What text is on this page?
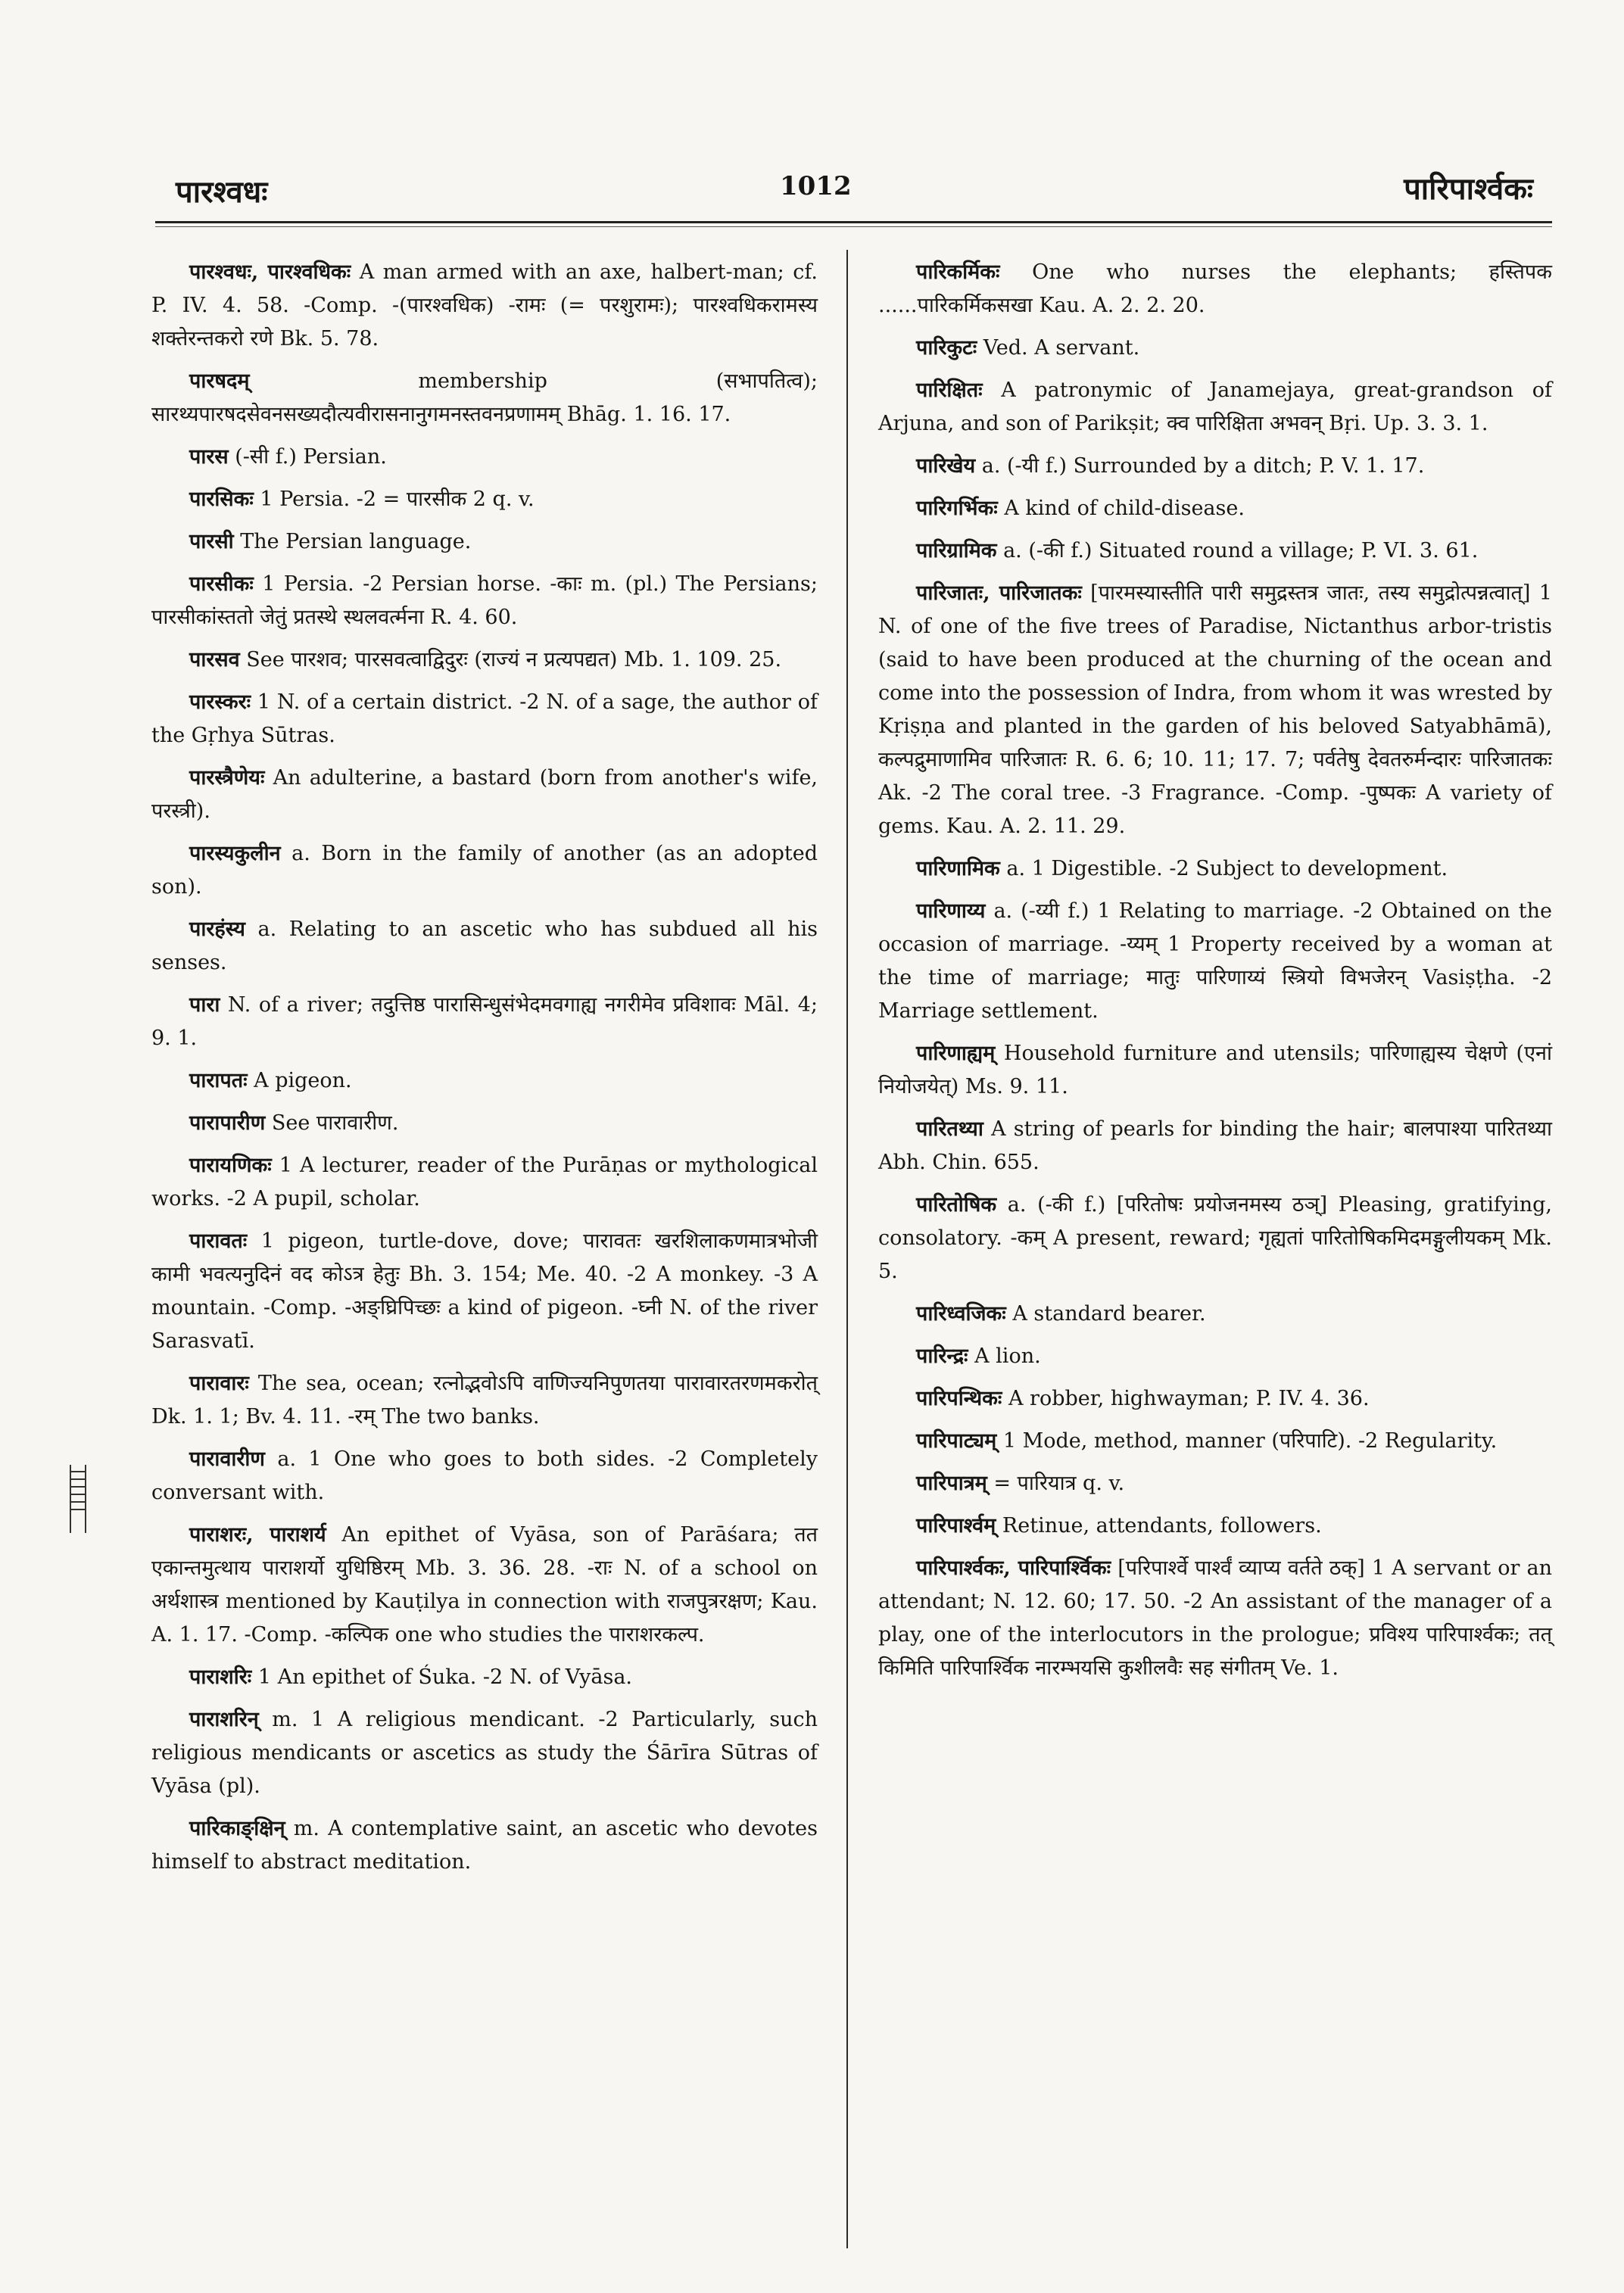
पारश्वधः	1012	पारिपार्श्वकः

पारश्वधः, पारश्वधिकः A man armed with an axe, halbert-man; cf. P. IV. 4. 58. -Comp. -(पारश्वधिक) -रामः (= परशुरामः); पारश्वधिकरामस्य शक्तेरन्तकरो रणे Bk. 5. 78.

पारषदम्	membership (सभापतित्व); सारथ्यपारषदसेवनसख्यदौत्यवीरासनानुगमनस्तवनप्रणामम् Bhāg. 1. 16. 17.

पारस (-सी f.) Persian.

पारसिकः 1 Persia. -2 = पारसीक 2 q. v.

पारसी The Persian language.

पारसीकः 1 Persia. -2 Persian horse. -काः m. (pl.) The Persians; पारसीकांस्ततो जेतुं प्रतस्थे स्थलवर्त्मना R. 4. 60.

पारसव See पारशव; पारसवत्वाद्विदुरः (राज्यं न प्रत्यपद्यत) Mb. 1. 109. 25.

पारस्करः 1 N. of a certain district. -2 N. of a sage, the author of the Gṛhya Sūtras.

पारस्त्रैणेयः An adulterine, a bastard (born from another's wife, परस्त्री).

पारस्यकुलीन a. Born in the family of another (as an adopted son).

पारहंस्य a. Relating to an ascetic who has subdued all his senses.

पारा N. of a river; तदुत्तिष्ठ पारासिन्धुसंभेदमवगाह्य नगरीमेव प्रविशावः Māl. 4; 9. 1.

पारापतः A pigeon.

पारापारीण See पारावारीण.

पारायणिकः 1 A lecturer, reader of the Purāṇas or mythological works. -2 A pupil, scholar.

पारावतः 1 pigeon, turtle-dove, dove; पारावतः खरशिलाकणमात्रभोजी कामी भवत्यनुदिनं वद कोऽत्र हेतुः Bh. 3. 154; Me. 40. -2 A monkey. -3 A mountain. -Comp. -अङ्घ्रिपिच्छः a kind of pigeon. -घ्नी N. of the river Sarasvatī.

पारावारः The sea, ocean; रत्नोद्भवोऽपि वाणिज्यनिपुणतया पारावारतरणमकरोत् Dk. 1. 1; Bv. 4. 11. -रम् The two banks.

पारावारीण a. 1 One who goes to both sides. -2 Completely conversant with.

पाराशरः, पाराशर्य An epithet of Vyāsa, son of Parāśara; तत एकान्तमुत्थाय पाराशर्यो युधिष्ठिरम् Mb. 3. 36. 28. -राः N. of a school on अर्थशास्त्र mentioned by Kauṭilya in connection with राजपुत्ररक्षण; Kau. A. 1. 17. -Comp. -कल्पिक one who studies the पाराशरकल्प.

पाराशरिः 1 An epithet of Śuka. -2 N. of Vyāsa.

पाराशरिन् m. 1 A religious mendicant. -2 Particularly, such religious mendicants or ascetics as study the Śārīra Sūtras of Vyāsa (pl).

पारिकाङ्क्षिन् m. A contemplative saint, an ascetic who devotes himself to abstract meditation.

पारिकर्मिकः One who nurses the elephants; हस्तिपक ......पारिकर्मिकसखा Kau. A. 2. 2. 20.

पारिकुटः Ved. A servant.

पारिक्षितः A patronymic of Janamejaya, great-grandson of Arjuna, and son of Parikṣit; क्व पारिक्षिता अभवन् Bṛi. Up. 3. 3. 1.

पारिखेय a. (-यी f.) Surrounded by a ditch; P. V. 1. 17.

पारिगर्भिकः A kind of child-disease.

पारिग्रामिक a. (-की f.) Situated round a village; P. VI. 3. 61.

पारिजातः, पारिजातकः [पारमस्यास्तीति पारी समुद्रस्तत्र जातः, तस्य समुद्रोत्पन्नत्वात्] 1 N. of one of the five trees of Paradise, Nictanthus arbor-tristis (said to have been produced at the churning of the ocean and come into the possession of Indra, from whom it was wrested by Kṛiṣṇa and planted in the garden of his beloved Satyabhāmā), कल्पद्रुमाणामिव पारिजातः R. 6. 6; 10. 11; 17. 7; पर्वतेषु देवतरुर्मन्दारः पारिजातकः Ak. -2 The coral tree. -3 Fragrance. -Comp. -पुष्पकः A variety of gems. Kau. A. 2. 11. 29.

पारिणामिक a. 1 Digestible. -2 Subject to development.

पारिणाय्य a. (-य्यी f.) 1 Relating to marriage. -2 Obtained on the occasion of marriage. -य्यम् 1 Property received by a woman at the time of marriage; मातुः पारिणाय्यं स्त्रियो विभजेरन् Vasiṣṭha. -2 Marriage settlement.

पारिणाह्यम् Household furniture and utensils; पारिणाह्यस्य चेक्षणे (एनां नियोजयेत्) Ms. 9. 11.

पारितथ्या A string of pearls for binding the hair; बालपाश्या पारितथ्या Abh. Chin. 655.

पारितोषिक a. (-की f.) [परितोषः प्रयोजनमस्य ठञ्] Pleasing, gratifying, consolatory. -कम् A present, reward; गृह्यतां पारितोषिकमिदमङ्गुलीयकम् Mk. 5.

पारिध्वजिकः A standard bearer.

पारिन्द्रः A lion.

पारिपन्थिकः A robber, highwayman; P. IV. 4. 36.

पारिपाट्यम् 1 Mode, method, manner (परिपाटि). -2 Regularity.

पारिपात्रम् = पारियात्र q. v.

पारिपार्श्वम् Retinue, attendants, followers.

पारिपार्श्वकः, पारिपार्श्विकः [परिपार्श्वे पार्श्वं व्याप्य वर्तते ठक्] 1 A servant or an attendant; N. 12. 60; 17. 50. -2 An assistant of the manager of a play, one of the interlocutors in the prologue; प्रविश्य पारिपार्श्वकः; तत् किमिति पारिपार्श्विक नारम्भयसि कुशीलवैः सह संगीतम् Ve. 1.
